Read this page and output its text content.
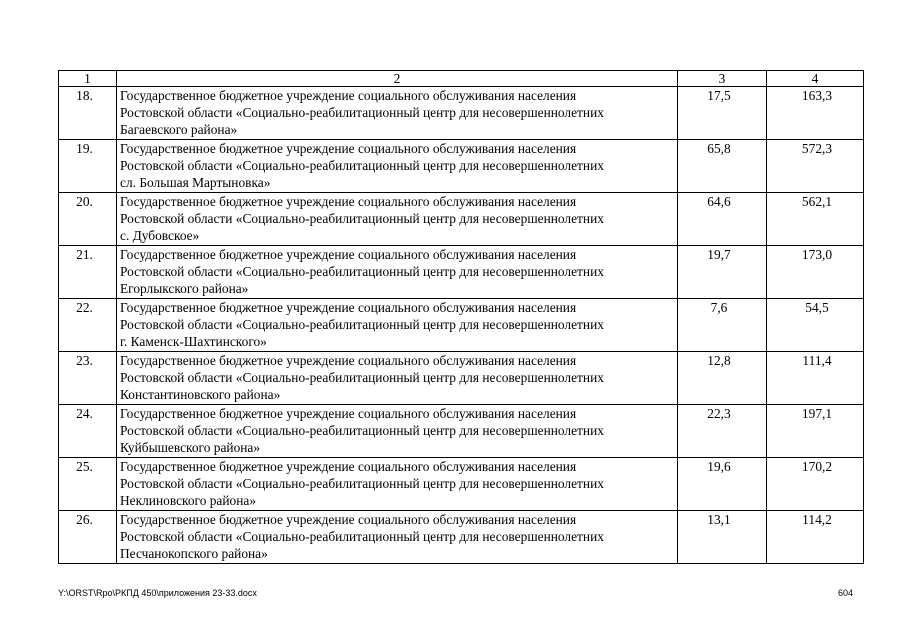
1	2	3	4
18.	Государственное бюджетное учреждение социального обслуживания населения
Ростовской области «Социально-реабилитационный центр для несовершеннолетних
Багаевского района»	17,5	163,3
19.	Государственное бюджетное учреждение социального обслуживания населения
Ростовской области «Социально-реабилитационный центр для несовершеннолетних
сл. Большая Мартыновка»	65,8	572,3
20.	Государственное бюджетное учреждение социального обслуживания населения
Ростовской области «Социально-реабилитационный центр для несовершеннолетних
с. Дубовское»	64,6	562,1
21.	Государственное бюджетное учреждение социального обслуживания населения
Ростовской области «Социально-реабилитационный центр для несовершеннолетних
Егорлыкского района»	19,7	173,0
22.	Государственное бюджетное учреждение социального обслуживания населения
Ростовской области «Социально-реабилитационный центр для несовершеннолетних
г. Каменск-Шахтинского»	7,6	54,5
23.	Государственное бюджетное учреждение социального обслуживания населения
Ростовской области «Социально-реабилитационный центр для несовершеннолетних
Константиновского района»	12,8	111,4
24.	Государственное бюджетное учреждение социального обслуживания населения
Ростовской области «Социально-реабилитационный центр для несовершеннолетних
Куйбышевского района»	22,3	197,1
25.	Государственное бюджетное учреждение социального обслуживания населения
Ростовской области «Социально-реабилитационный центр для несовершеннолетних
Неклиновского района»	19,6	170,2
26.	Государственное бюджетное учреждение социального обслуживания населения
Ростовской области «Социально-реабилитационный центр для несовершеннолетних
Песчанокопского района»	13,1	114,2
Y:\ORST\Rpo\РКПД 450\приложения 23-33.docx	604
